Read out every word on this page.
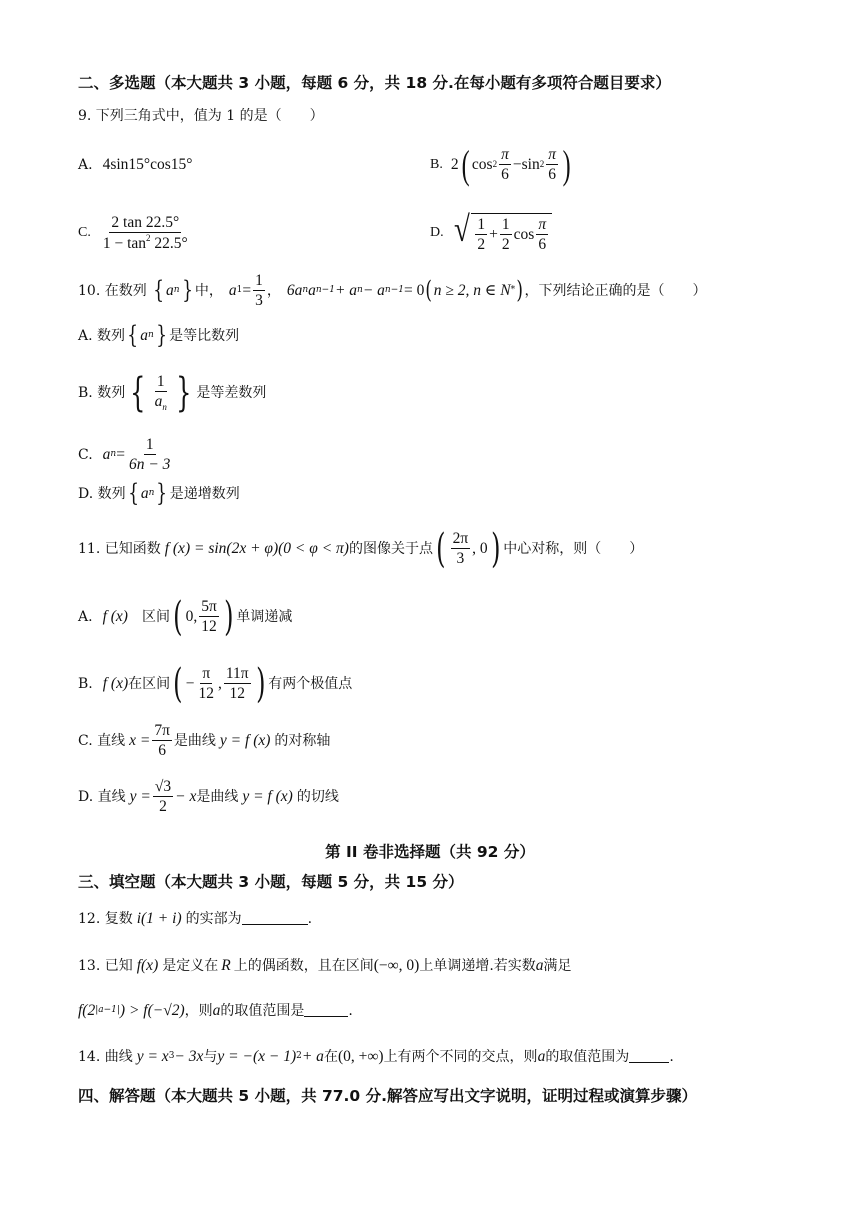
二、多选题（本大题共 3 小题，每题 6 分，共 18 分.在每小题有多项符合题目要求）
9. 下列三角式中，值为 1 的是（　　）
A. 4sin15°cos15°	B. 2 ( $\cos 2 \frac{\pi}{6} - \sin 2 \frac{\pi}{6}$ )
C. $\frac{2 \tan 22.5^\circ}{1 - \tan^2 22.5^\circ}$	D. √ $\frac{1}{2} + \frac{1}{2}$ $\cos \frac{\pi}{6}$
10. 在数列 { a n } 中， a $1 = \frac{1}{3}$ ， 6a n a n−1 + a n − a n−1 = 0 ( n ≥ 2, n ∈ N * ) ，下列结论正确的是（　　）
A. 数列 { a n } 是等比数列
B. 数列 { $\frac{1}{a_n}$ } 是等差数列
C. a $n = \frac{1}{6n - 3}$
D. 数列 { a n } 是递增数列
11. 已知函数 f (x) = sin(2x + φ)(0 < φ < π) 的图像关于点 ( $\frac{2\pi}{3}$ , 0 ) 中心对称，则（　　）
A. f (x) 　区间 ( 0, $\frac{5\pi}{12}$ ) 单调递减
B. f (x) 在区间 ( − $\frac{\pi}{12}$ , $\frac{11\pi}{12}$ ) 有两个极值点
C. 直线 $x = \frac{7\pi}{6}$ 是曲线 y = f (x) 的对称轴
D. 直线 $y = \frac{√3}{2} - x$ 是曲线 y = f (x) 的切线
第 II 卷非选择题（共 92 分）
三、填空题（本大题共 3 小题，每题 5 分，共 15 分）
12. 复数 i(1 + i) 的实部为	.
13. 已知 f(x) 是定义在 R 上的偶函数，且在区间 (−∞, 0) 上单调递增.若实数 a 满足
f(2 |a−1| ) > f(−√2) ，则 a 的取值范围是	.
14. 曲线 y = x 3 − 3x 与 y = −(x − 1) 2 + a 在 (0, +∞) 上有两个不同的交点，则 a 的取值范围为	.
四、解答题（本大题共 5 小题，共 77.0 分.解答应写出文字说明，证明过程或演算步骤）
